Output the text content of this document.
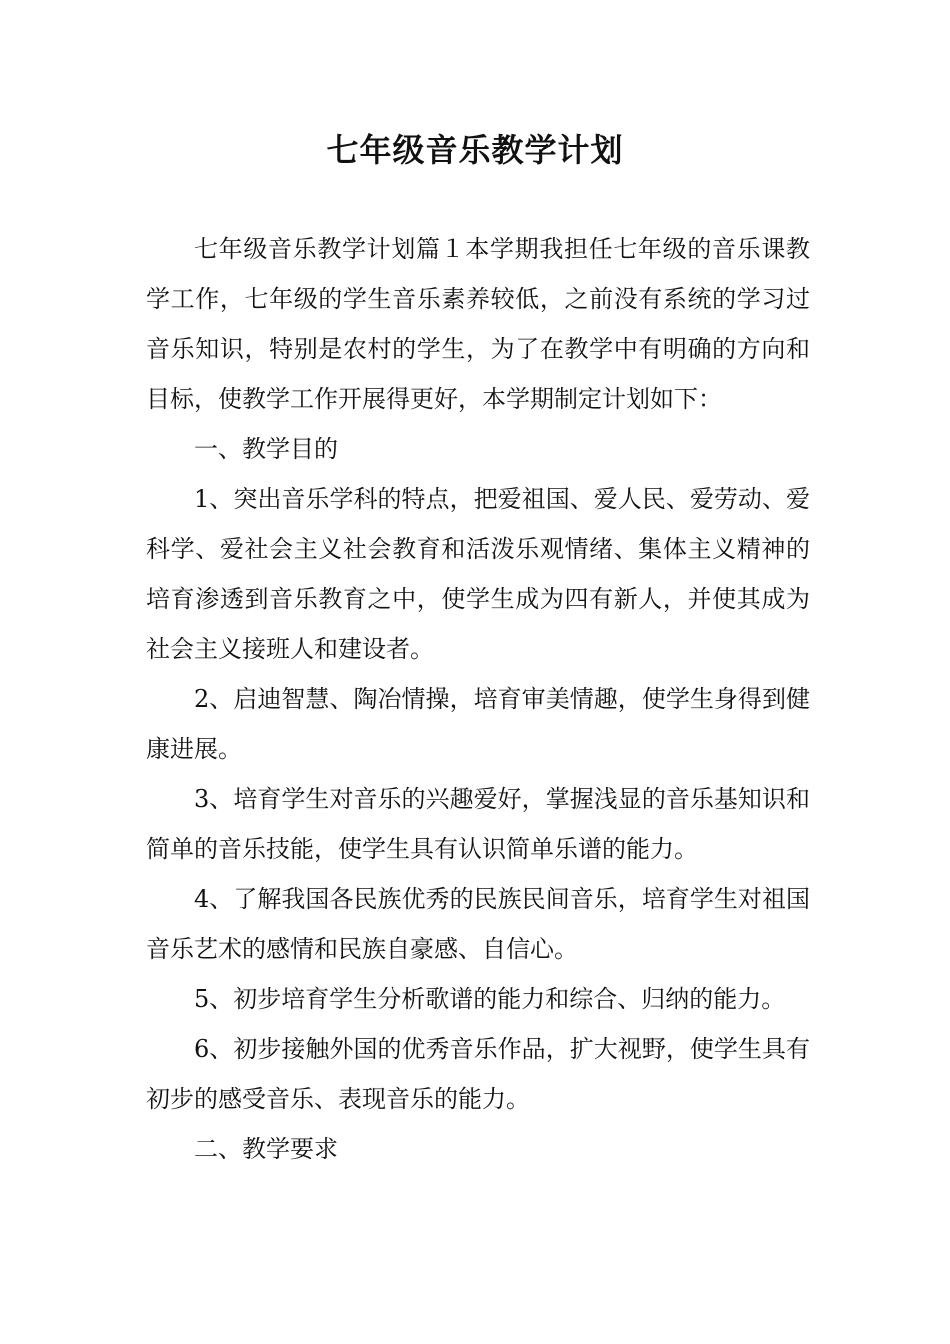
七年级音乐教学计划

七年级音乐教学计划篇１本学期我担任七年级的音乐课教学工作，七年级的学生音乐素养较低，之前没有系统的学习过音乐知识，特别是农村的学生，为了在教学中有明确的方向和目标，使教学工作开展得更好，本学期制定计划如下：

一、教学目的

1、突出音乐学科的特点，把爱祖国、爱人民、爱劳动、爱科学、爱社会主义社会教育和活泼乐观情绪、集体主义精神的培育渗透到音乐教育之中，使学生成为四有新人，并使其成为社会主义接班人和建设者。

2、启迪智慧、陶冶情操，培育审美情趣，使学生身得到健康进展。

3、培育学生对音乐的兴趣爱好，掌握浅显的音乐基知识和简单的音乐技能，使学生具有认识简单乐谱的能力。

4、了解我国各民族优秀的民族民间音乐，培育学生对祖国音乐艺术的感情和民族自豪感、自信心。

5、初步培育学生分析歌谱的能力和综合、归纳的能力。

6、初步接触外国的优秀音乐作品，扩大视野，使学生具有初步的感受音乐、表现音乐的能力。

二、教学要求
